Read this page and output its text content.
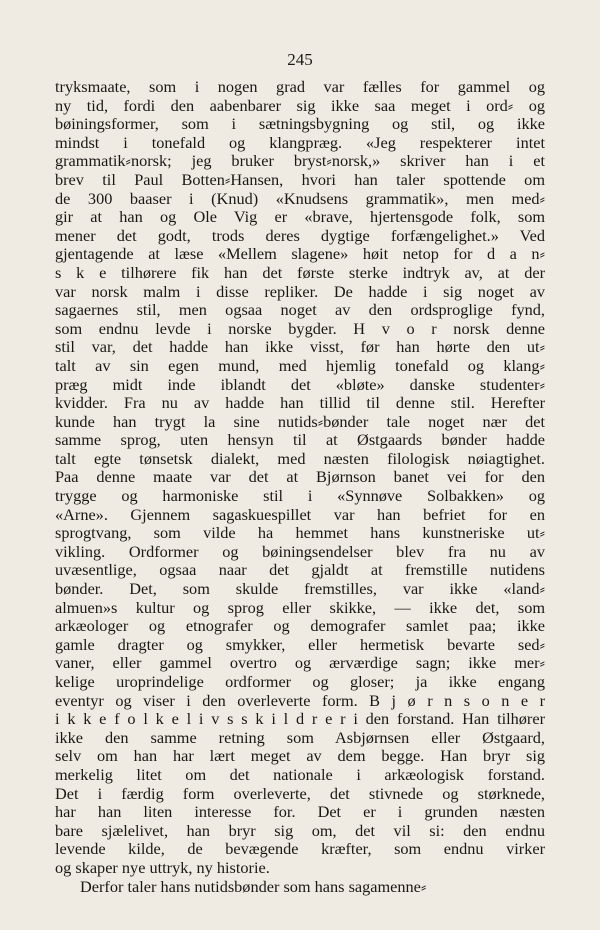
245
tryksmaate, som i nogen grad var fælles for gammel og
ny tid, fordi den aabenbarer sig ikke saa meget i ord⸗ og
bøiningsformer, som i sætningsbygning og stil, og ikke
mindst i tonefald og klangpræg. «Jeg respekterer intet
grammatik⸗norsk; jeg bruker bryst⸗norsk,» skriver han i et
brev til Paul Botten⸗Hansen, hvori han taler spottende om
de 300 baaser i (Knud) «Knudsens grammatik», men med⸗
gir at han og Ole Vig er «brave, hjertensgode folk, som
mener det godt, trods deres dygtige forfængelighet.» Ved
gjentagende at læse «Mellem slagene» høit netop for d a n⸗
s k e tilhørere fik han det første sterke indtryk av, at der
var norsk malm i disse repliker. De hadde i sig noget av
sagaernes stil, men ogsaa noget av den ordsproglige fynd,
som endnu levde i norske bygder. H v o r norsk denne
stil var, det hadde han ikke visst, før han hørte den ut⸗
talt av sin egen mund, med hjemlig tonefald og klang⸗
præg midt inde iblandt det «bløte» danske studenter⸗
kvidder. Fra nu av hadde han tillid til denne stil. Herefter
kunde han trygt la sine nutids⸗bønder tale noget nær det
samme sprog, uten hensyn til at Østgaards bønder hadde
talt egte tønsetsk dialekt, med næsten filologisk nøiagtighet.
Paa denne maate var det at Bjørnson banet vei for den
trygge og harmoniske stil i «Synnøve Solbakken» og
«Arne». Gjennem sagaskuespillet var han befriet for en
sprogtvang, som vilde ha hemmet hans kunstneriske ut⸗
vikling. Ordformer og bøiningsendelser blev fra nu av
uvæsentlige, ogsaa naar det gjaldt at fremstille nutidens
bønder. Det, som skulde fremstilles, var ikke «land⸗
almuen»s kultur og sprog eller skikke, — ikke det, som
arkæologer og etnografer og demografer samlet paa; ikke
gamle dragter og smykker, eller hermetisk bevarte sed⸗
vaner, eller gammel overtro og ærværdige sagn; ikke mer⸗
kelige uroprindelige ordformer og gloser; ja ikke engang
eventyr og viser i den overleverte form. B j ø r n s o n e r
i k k e f o l k e l i v s s k i l d r e r i den forstand. Han tilhører
ikke den samme retning som Asbjørnsen eller Østgaard,
selv om han har lært meget av dem begge. Han bryr sig
merkelig litet om det nationale i arkæologisk forstand.
Det i færdig form overleverte, det stivnede og størknede,
har han liten interesse for. Det er i grunden næsten
bare sjælelivet, han bryr sig om, det vil si: den endnu
levende kilde, de bevægende kræfter, som endnu virker
og skaper nye uttryk, ny historie.
Derfor taler hans nutidsbønder som hans sagamenne⸗
